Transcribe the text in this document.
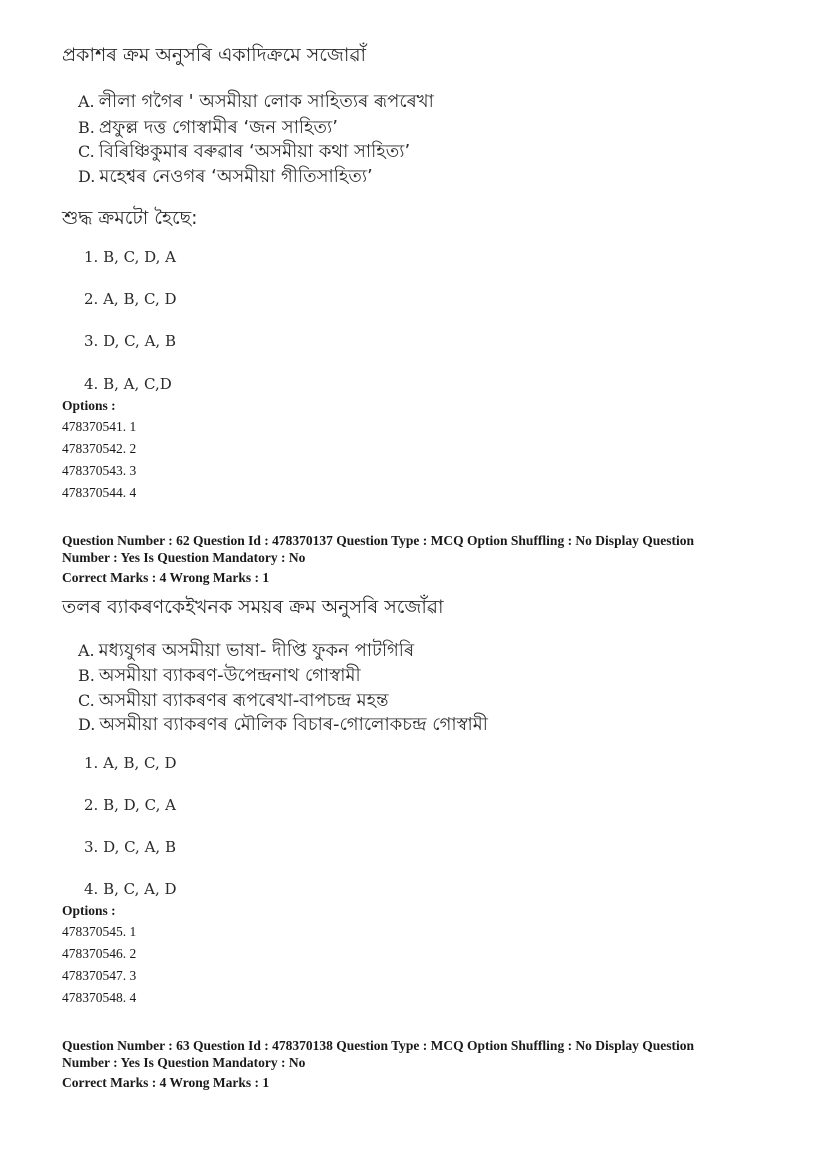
প্ৰকাশৰ ক্ৰম অনুসৰি একাদিক্ৰমে সজোৱাঁ
A. লীলা গগৈৰ ' অসমীয়া লোক সাহিত্যৰ ৰূপৰেখা
B. প্ৰফুল্ল দত্ত গোস্বামীৰ ‘জন সাহিত্য’
C. বিৰিঞ্চিকুমাৰ বৰুৱাৰ ‘অসমীয়া কথা সাহিত্য’
D. মহেশ্বৰ নেওগৰ ‘অসমীয়া গীতিসাহিত্য’
শুদ্ধ ক্ৰমটো হৈছে:
1. B, C, D, A
2. A, B, C, D
3. D, C, A, B
4. B, A, C,D
Options :
478370541. 1
478370542. 2
478370543. 3
478370544. 4
Question Number : 62 Question Id : 478370137 Question Type : MCQ Option Shuffling : No Display Question
Number : Yes Is Question Mandatory : No
Correct Marks : 4 Wrong Marks : 1
তলৰ ব্যাকৰণকেইখনক সময়ৰ ক্ৰম অনুসৰি সজোঁৱা
A. মধ্যযুগৰ অসমীয়া ভাষা- দীপ্তি ফুকন পাটগিৰি
B. অসমীয়া ব্যাকৰণ-উপেন্দ্ৰনাথ গোস্বামী
C. অসমীয়া ব্যাকৰণৰ ৰূপৰেখা-বাপচন্দ্ৰ মহন্ত
D. অসমীয়া ব্যাকৰণৰ মৌলিক বিচাৰ-গোলোকচন্দ্ৰ গোস্বামী
1. A, B, C, D
2. B, D, C, A
3. D, C, A, B
4. B, C, A, D
Options :
478370545. 1
478370546. 2
478370547. 3
478370548. 4
Question Number : 63 Question Id : 478370138 Question Type : MCQ Option Shuffling : No Display Question
Number : Yes Is Question Mandatory : No
Correct Marks : 4 Wrong Marks : 1
